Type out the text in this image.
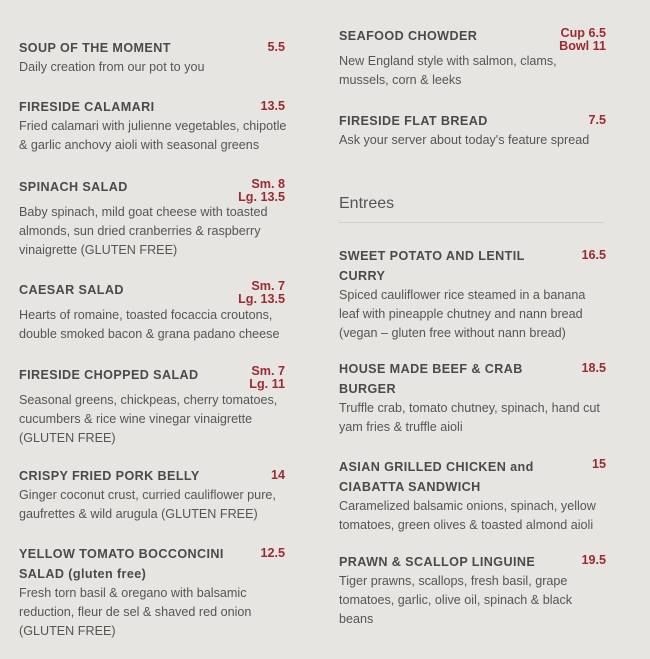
SOUP OF THE MOMENT	5.5
Daily creation from our pot to you
FIRESIDE CALAMARI	13.5
Fried calamari with julienne vegetables, chipotle & garlic anchovy aioli with seasonal greens
SPINACH SALAD	Sm. 8
Lg. 13.5
Baby spinach, mild goat cheese with toasted almonds, sun dried cranberries & raspberry vinaigrette (GLUTEN FREE)
CAESAR SALAD	Sm. 7
Lg. 13.5
Hearts of romaine, toasted focaccia croutons, double smoked bacon & grana padano cheese
FIRESIDE CHOPPED SALAD	Sm. 7
Lg. 11
Seasonal greens, chickpeas, cherry tomatoes, cucumbers & rice wine vinegar vinaigrette (GLUTEN FREE)
CRISPY FRIED PORK BELLY	14
Ginger coconut crust, curried cauliflower pure, gaufrettes & wild arugula (GLUTEN FREE)
YELLOW TOMATO BOCCONCINI SALAD (gluten free)
12.5
Fresh torn basil & oregano with balsamic reduction, fleur de sel & shaved red onion (GLUTEN FREE)
SEAFOOD CHOWDER	Cup 6.5
Bowl 11
New England style with salmon, clams, mussels, corn & leeks
FIRESIDE FLAT BREAD	7.5
Ask your server about today's feature spread
Entrees
SWEET POTATO AND LENTIL CURRY
16.5
Spiced cauliflower rice steamed in a banana leaf with pineapple chutney and nann bread (vegan – gluten free without nann bread)
HOUSE MADE BEEF & CRAB BURGER
18.5
Truffle crab, tomato chutney, spinach, hand cut yam fries & truffle aioli
ASIAN GRILLED CHICKEN and CIABATTA SANDWICH
15
Caramelized balsamic onions, spinach, yellow tomatoes, green olives & toasted almond aioli
PRAWN & SCALLOP LINGUINE	19.5
Tiger prawns, scallops, fresh basil, grape tomatoes, garlic, olive oil, spinach & black beans
